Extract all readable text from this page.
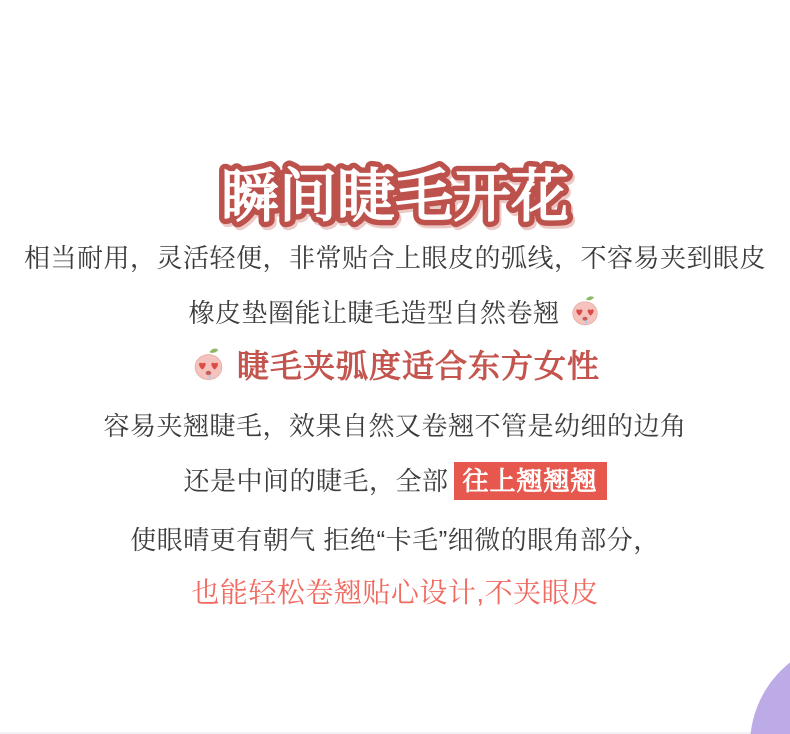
瞬间睫毛开花
相当耐用，灵活轻便，非常贴合上眼皮的弧线，不容易夹到眼皮
橡皮垫圈能让睫毛造型自然卷翘
睫毛夹弧度适合东方女性
容易夹翘睫毛，效果自然又卷翘不管是幼细的边角
还是中间的睫毛，全部 往上翘翘翘
使眼晴更有朝气 拒绝“卡毛”细微的眼角部分，
也能轻松卷翘贴心设计,不夹眼皮
